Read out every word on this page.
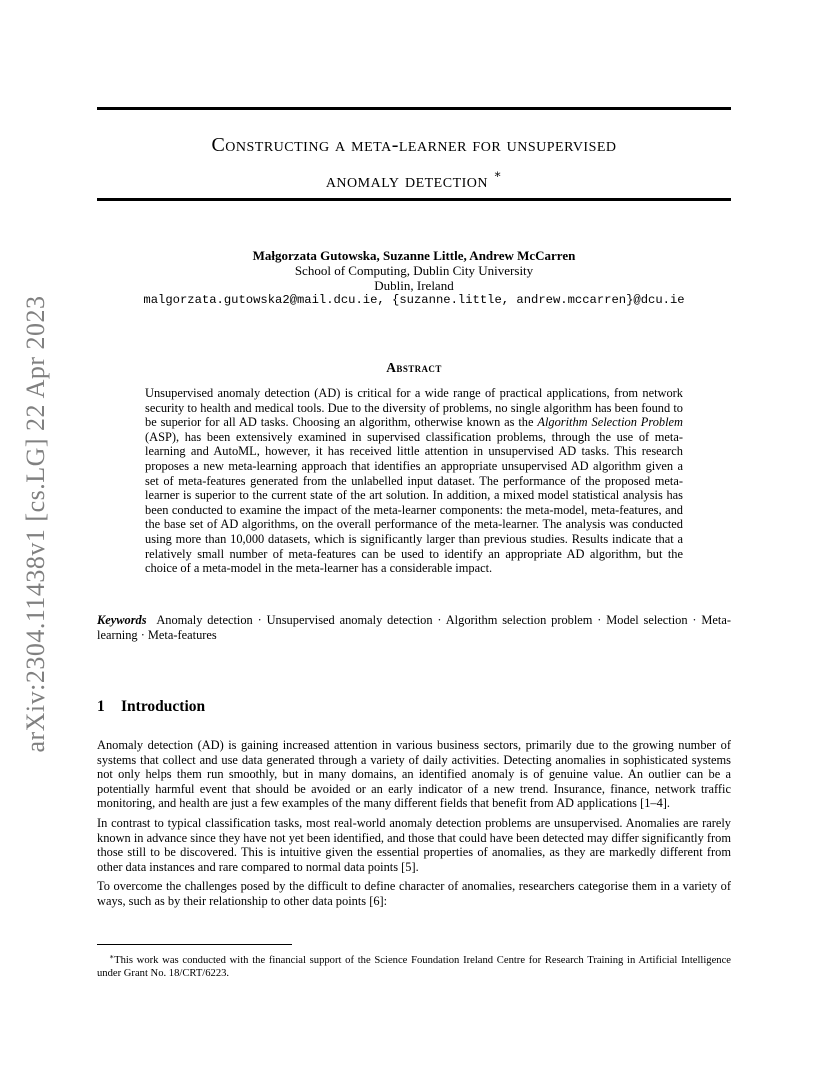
arXiv:2304.11438v1 [cs.LG] 22 Apr 2023
Constructing a meta-learner for unsupervised
anomaly detection ∗
Małgorzata Gutowska, Suzanne Little, Andrew McCarren
School of Computing, Dublin City University
Dublin, Ireland
malgorzata.gutowska2@mail.dcu.ie, {suzanne.little, andrew.mccarren}@dcu.ie
Abstract
Unsupervised anomaly detection (AD) is critical for a wide range of practical applications, from network security to health and medical tools. Due to the diversity of problems, no single algorithm has been found to be superior for all AD tasks. Choosing an algorithm, otherwise known as the Algorithm Selection Problem (ASP), has been extensively examined in supervised classification problems, through the use of meta-learning and AutoML, however, it has received little attention in unsupervised AD tasks. This research proposes a new meta-learning approach that identifies an appropriate unsupervised AD algorithm given a set of meta-features generated from the unlabelled input dataset. The performance of the proposed meta-learner is superior to the current state of the art solution. In addition, a mixed model statistical analysis has been conducted to examine the impact of the meta-learner components: the meta-model, meta-features, and the base set of AD algorithms, on the overall performance of the meta-learner. The analysis was conducted using more than 10,000 datasets, which is significantly larger than previous studies. Results indicate that a relatively small number of meta-features can be used to identify an appropriate AD algorithm, but the choice of a meta-model in the meta-learner has a considerable impact.
Keywords Anomaly detection · Unsupervised anomaly detection · Algorithm selection problem · Model selection · Meta-learning · Meta-features
1 Introduction

Anomaly detection (AD) is gaining increased attention in various business sectors, primarily due to the growing number of systems that collect and use data generated through a variety of daily activities. Detecting anomalies in sophisticated systems not only helps them run smoothly, but in many domains, an identified anomaly is of genuine value. An outlier can be a potentially harmful event that should be avoided or an early indicator of a new trend. Insurance, finance, network traffic monitoring, and health are just a few examples of the many different fields that benefit from AD applications [1–4].

In contrast to typical classification tasks, most real-world anomaly detection problems are unsupervised. Anomalies are rarely known in advance since they have not yet been identified, and those that could have been detected may differ significantly from those still to be discovered. This is intuitive given the essential properties of anomalies, as they are markedly different from other data instances and rare compared to normal data points [5].

To overcome the challenges posed by the difficult to define character of anomalies, researchers categorise them in a variety of ways, such as by their relationship to other data points [6]:

∗This work was conducted with the financial support of the Science Foundation Ireland Centre for Research Training in Artificial Intelligence under Grant No. 18/CRT/6223.
